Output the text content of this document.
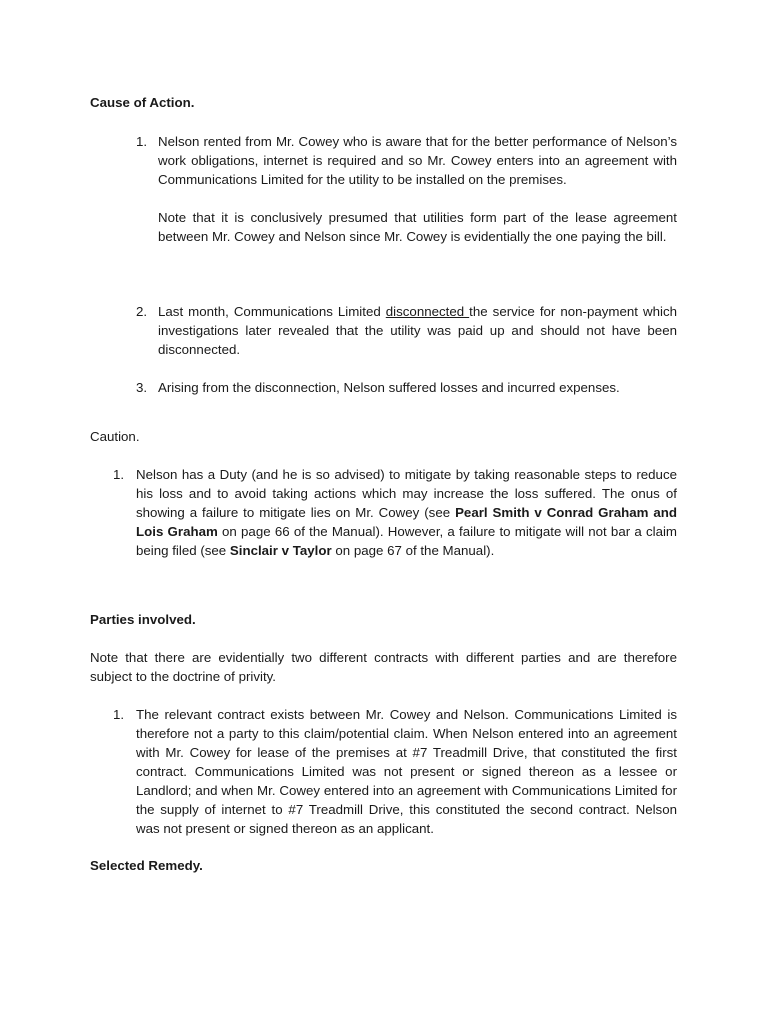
Cause of Action.
1. Nelson rented from Mr. Cowey who is aware that for the better performance of Nelson’s work obligations, internet is required and so Mr. Cowey enters into an agreement with Communications Limited for the utility to be installed on the premises.

Note that it is conclusively presumed that utilities form part of the lease agreement between Mr. Cowey and Nelson since Mr. Cowey is evidentially the one paying the bill.

2. Last month, Communications Limited disconnected the service for non-payment which investigations later revealed that the utility was paid up and should not have been disconnected.
3. Arising from the disconnection, Nelson suffered losses and incurred expenses.
Caution.
1. Nelson has a Duty (and he is so advised) to mitigate by taking reasonable steps to reduce his loss and to avoid taking actions which may increase the loss suffered. The onus of showing a failure to mitigate lies on Mr. Cowey (see Pearl Smith v Conrad Graham and Lois Graham on page 66 of the Manual). However, a failure to mitigate will not bar a claim being filed (see Sinclair v Taylor on page 67 of the Manual).
Parties involved.
Note that there are evidentially two different contracts with different parties and are therefore subject to the doctrine of privity.
1. The relevant contract exists between Mr. Cowey and Nelson. Communications Limited is therefore not a party to this claim/potential claim. When Nelson entered into an agreement with Mr. Cowey for lease of the premises at #7 Treadmill Drive, that constituted the first contract. Communications Limited was not present or signed thereon as a lessee or Landlord; and when Mr. Cowey entered into an agreement with Communications Limited for the supply of internet to #7 Treadmill Drive, this constituted the second contract. Nelson was not present or signed thereon as an applicant.
Selected Remedy.
